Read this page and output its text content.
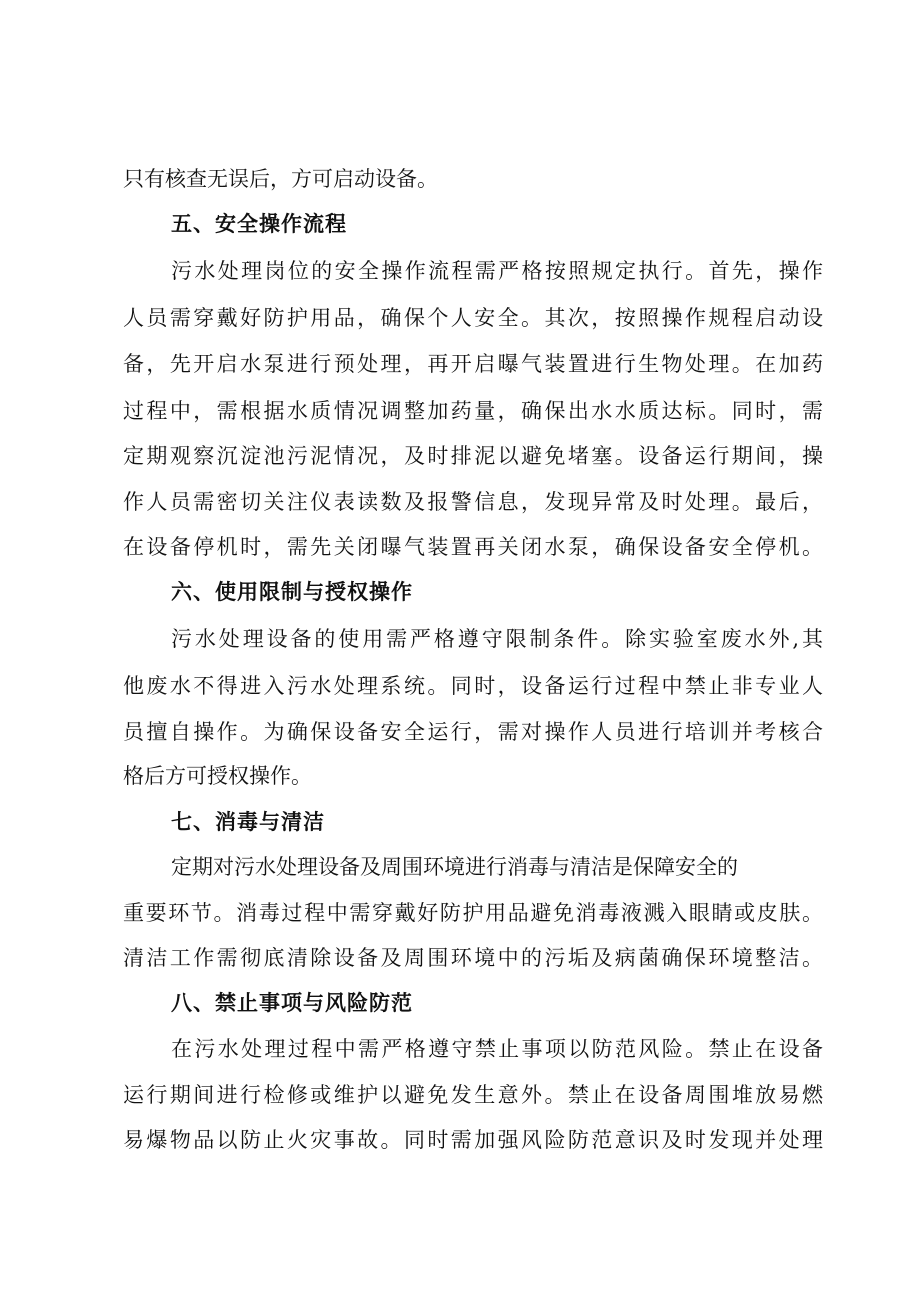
只有核查无误后，方可启动设备。
五、安全操作流程
污水处理岗位的安全操作流程需严格按照规定执行。首先，操作
人员需穿戴好防护用品，确保个人安全。其次，按照操作规程启动设
备，先开启水泵进行预处理，再开启曝气装置进行生物处理。在加药
过程中，需根据水质情况调整加药量，确保出水水质达标。同时，需
定期观察沉淀池污泥情况，及时排泥以避免堵塞。设备运行期间，操
作人员需密切关注仪表读数及报警信息，发现异常及时处理。最后，
在设备停机时，需先关闭曝气装置再关闭水泵，确保设备安全停机。
六、使用限制与授权操作
污水处理设备的使用需严格遵守限制条件。除实验室废水外,其
他废水不得进入污水处理系统。同时，设备运行过程中禁止非专业人
员擅自操作。为确保设备安全运行，需对操作人员进行培训并考核合
格后方可授权操作。
七、消毒与清洁
定期对污水处理设备及周围环境进行消毒与清洁是保障安全的
重要环节。消毒过程中需穿戴好防护用品避免消毒液溅入眼睛或皮肤。
清洁工作需彻底清除设备及周围环境中的污垢及病菌确保环境整洁。
八、禁止事项与风险防范
在污水处理过程中需严格遵守禁止事项以防范风险。禁止在设备
运行期间进行检修或维护以避免发生意外。禁止在设备周围堆放易燃
易爆物品以防止火灾事故。同时需加强风险防范意识及时发现并处理
